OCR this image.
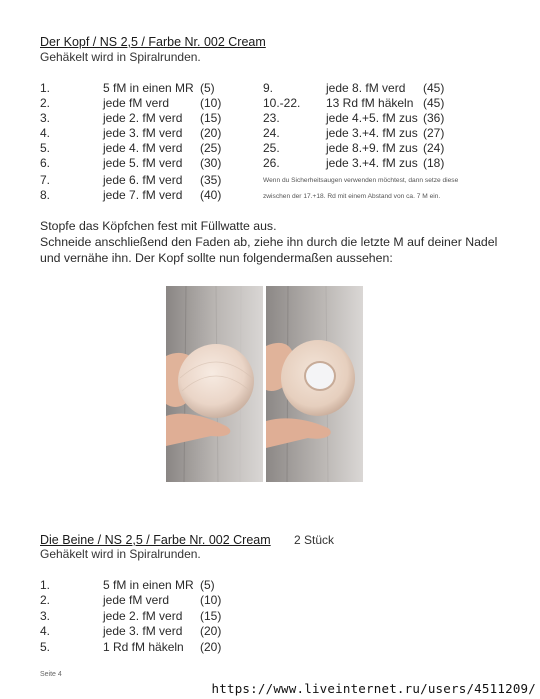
Der Kopf / NS 2,5 / Farbe Nr. 002 Cream
Gehäkelt wird in Spiralrunden.
1.	5 fM in einen MR (5)
2.	jede fM verd	(10)
3.	jede 2. fM verd (15)
4.	jede 3. fM verd (20)
5.	jede 4. fM verd (25)
6.	jede 5. fM verd (30)
7.	jede 6. fM verd (35)
8.	jede 7. fM verd (40)
9.	jede 8. fM verd (45)
10.-22. 13 Rd fM häkeln (45)
23.	jede 4.+5. fM zus (36)
24.	jede 3.+4. fM zus (27)
25.	jede 8.+9. fM zus (24)
26.	jede 3.+4. fM zus (18)
Wenn du Sicherheitsaugen verwenden möchtest, dann setze diese
zwischen der 17.+18. Rd mit einem Abstand von ca. 7 M ein.
Stopfe das Köpfchen fest mit Füllwatte aus.
Schneide anschließend den Faden ab, ziehe ihn durch die letzte M auf deiner Nadel
und vernähe ihn. Der Kopf sollte nun folgendermaßen aussehen:
Die Beine / NS 2,5 / Farbe Nr. 002 Cream 2 Stück
Gehäkelt wird in Spiralrunden.
1.	5 fM in einen MR (5)
2.	jede fM verd	(10)
3.	jede 2. fM verd (15)
4.	jede 3. fM verd (20)
5.	1 Rd fM häkeln (20)
Seite 4
https://www.liveinternet.ru/users/4511209/
